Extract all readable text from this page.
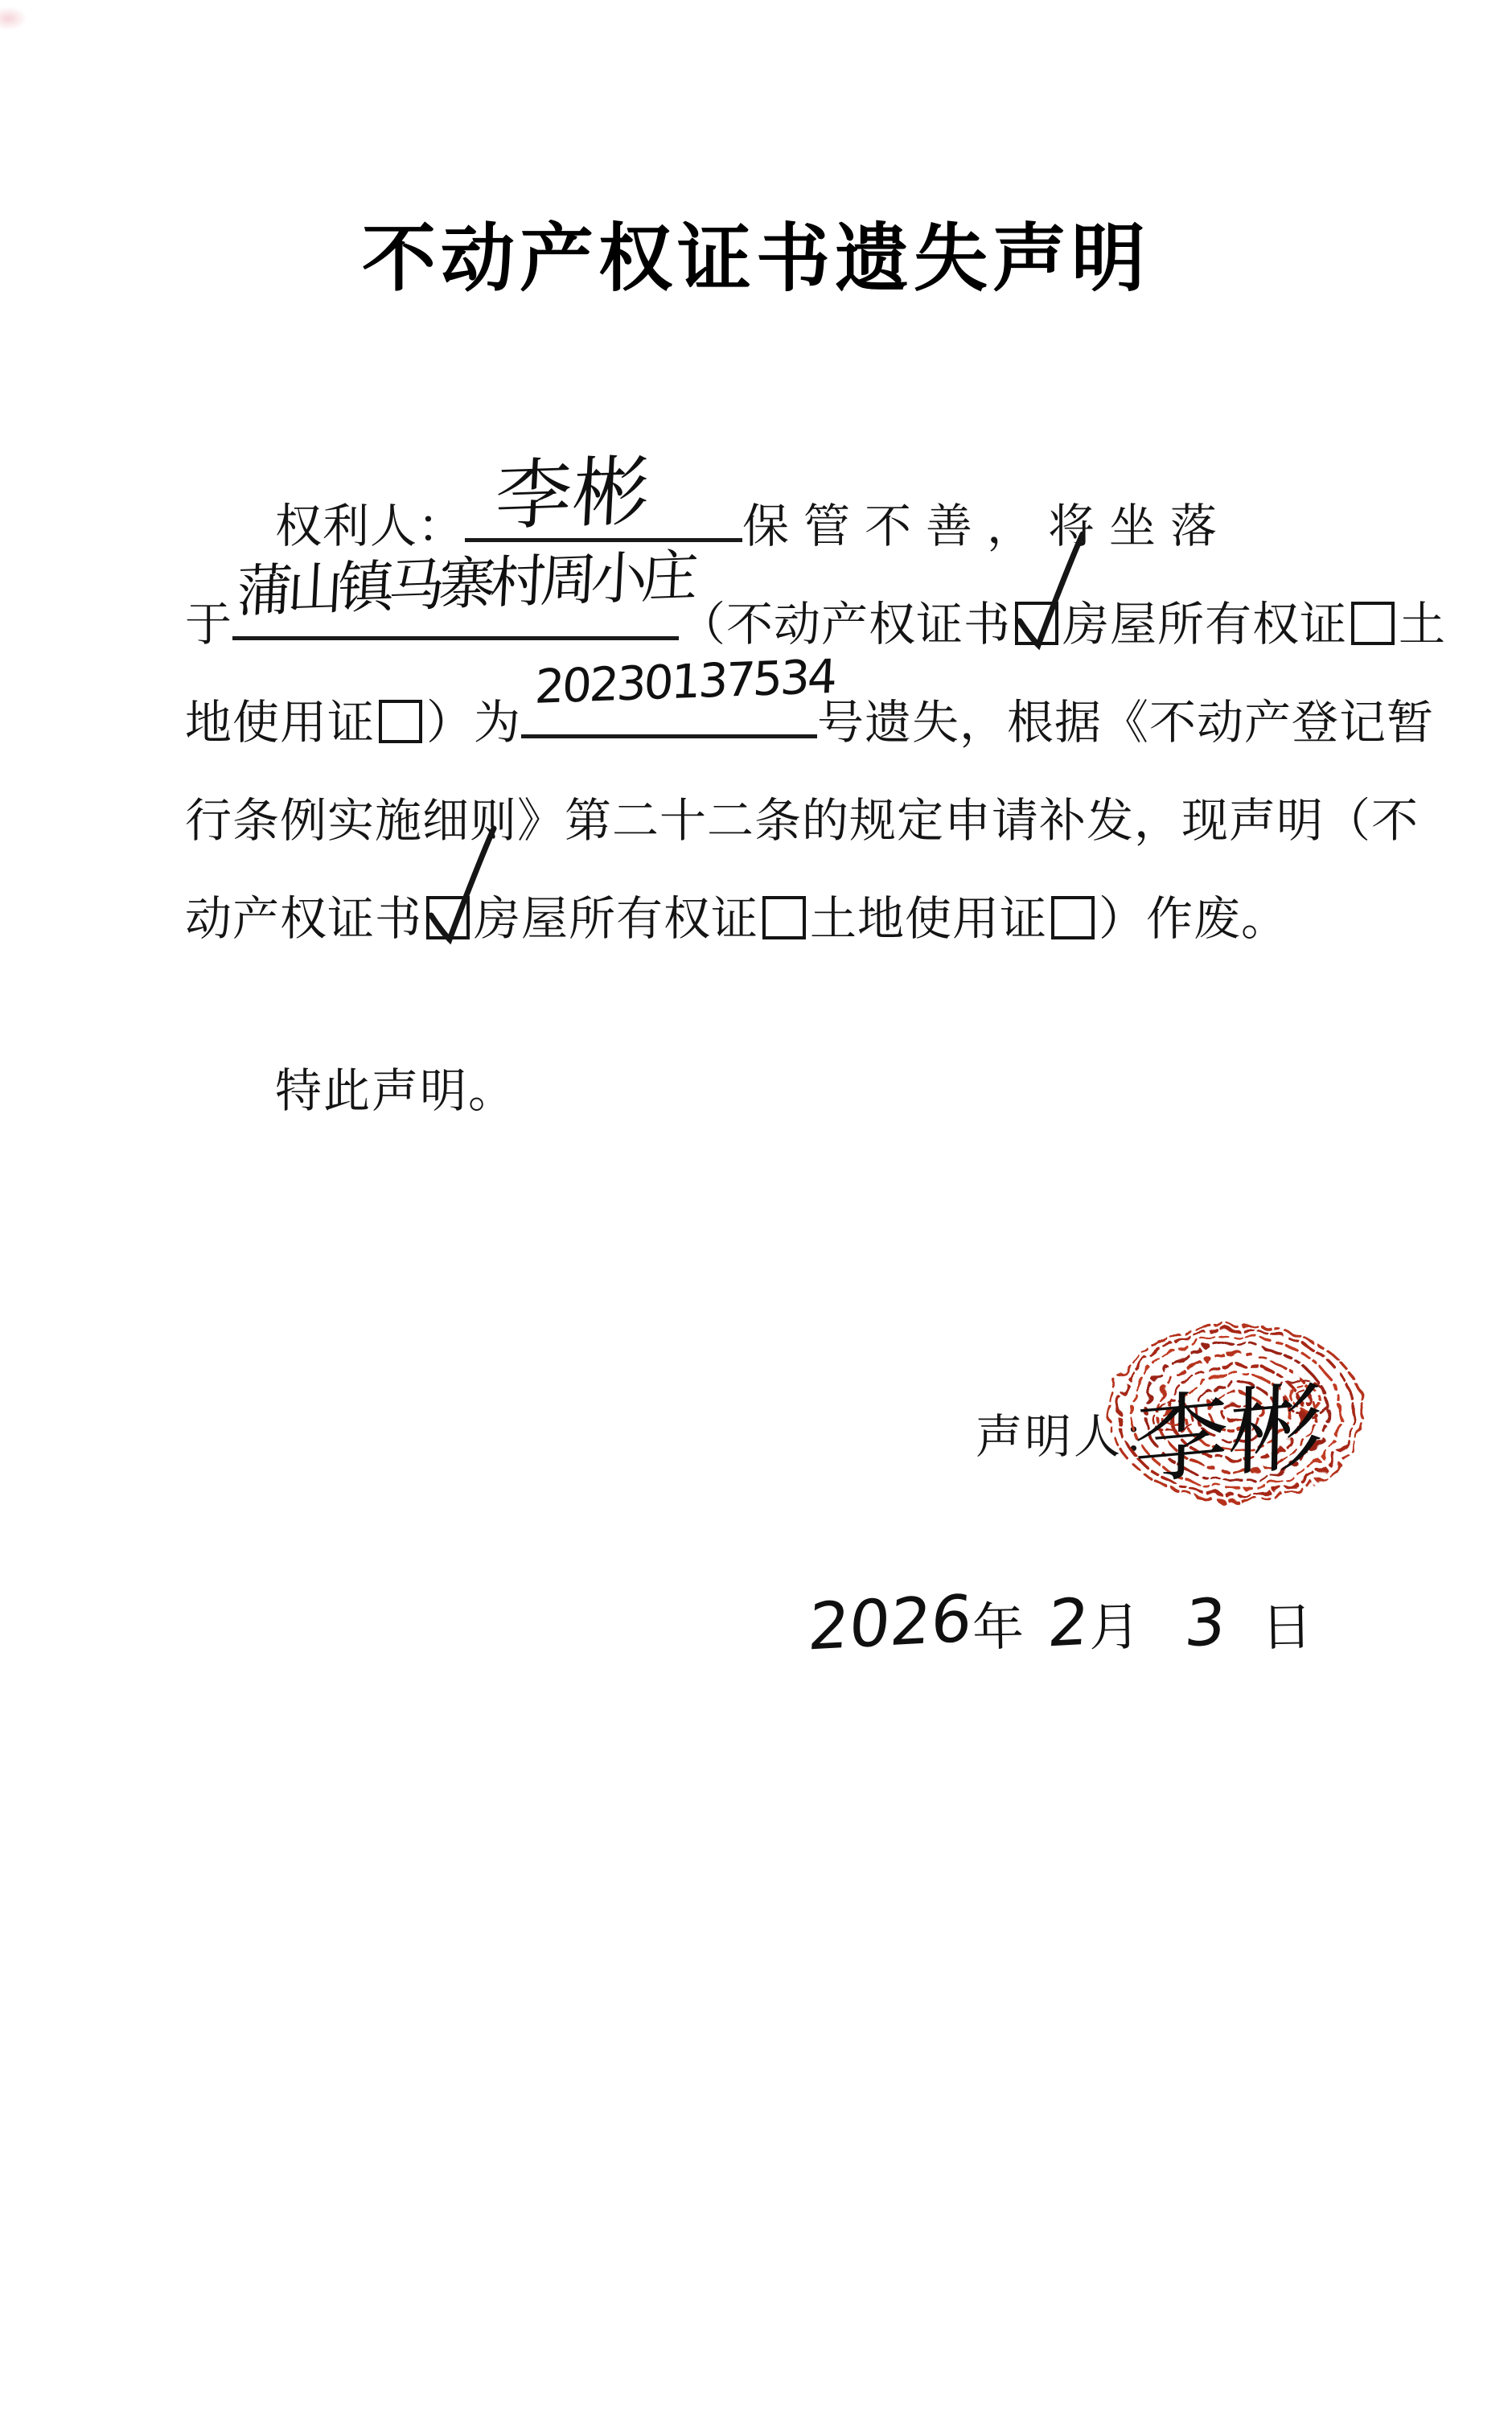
不动产权证书遗失声明
权利人： 李彬 保管不善，将坐落
于 蒲山镇马寨村周小庄
（不动产权证书 房屋所有权证 土
地使用证 ）为
20230137534
号遗失，根据《不动产登记暂
行条例实施细则》第二十二条的规定申请补发，现声明（不
动产权证书 房屋所有权证 土地使用证 ）作废。
特此声明。
声明人：
李彬
2026年 2月 3 日
